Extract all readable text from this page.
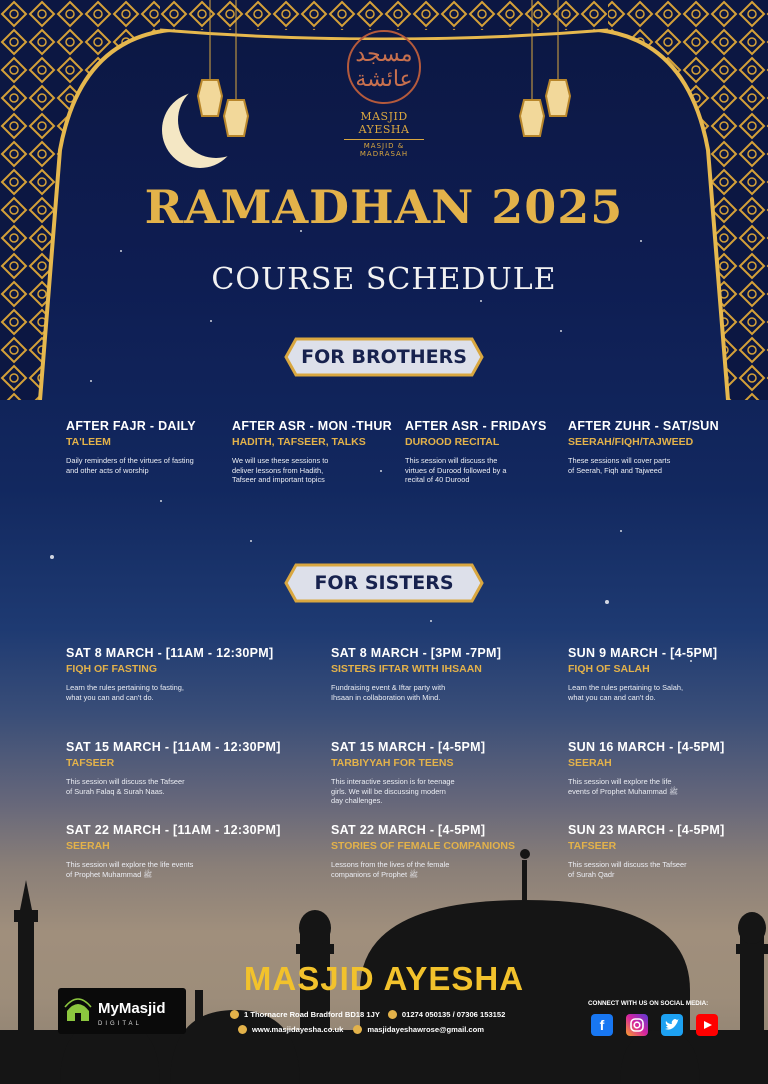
مسجد عائشة
MASJID AYESHA
MASJID & MADRASAH
RAMADHAN 2025
COURSE SCHEDULE
FOR BROTHERS
AFTER FAJR - DAILY
TA'LEEM
Daily reminders of the virtues of fasting and other acts of worship
AFTER ASR - MON -THUR
HADITH, TAFSEER, TALKS
We will use these sessions to deliver lessons from Hadith, Tafseer and important topics
AFTER ASR - FRIDAYS
DUROOD RECITAL
This session will discuss the virtues of Durood followed by a recital of 40 Durood
AFTER ZUHR - SAT/SUN
SEERAH/FIQH/TAJWEED
These sessions will cover parts of Seerah, Fiqh and Tajweed
FOR SISTERS
SAT 8 MARCH - [11AM - 12:30PM]
FIQH OF FASTING
Learn the rules pertaining to fasting, what you can and can't do.
SAT 8 MARCH - [3PM -7PM]
SISTERS IFTAR WITH IHSAAN
Fundraising event & Iftar party with Ihsaan in collaboration with Mind.
SUN 9 MARCH - [4-5PM]
FIQH OF SALAH
Learn the rules pertaining to Salah, what you can and can't do.
SAT 15 MARCH - [11AM - 12:30PM]
TAFSEER
This session will discuss the Tafseer of Surah Falaq & Surah Naas.
SAT 15 MARCH - [4-5PM]
TARBIYYAH FOR TEENS
This interactive session is for teenage girls. We will be discussing modern day challenges.
SUN 16 MARCH - [4-5PM]
SEERAH
This session will explore the life events of Prophet Muhammad ﷺ
SAT 22 MARCH - [11AM - 12:30PM]
SEERAH
This session will explore the life events of Prophet Muhammad ﷺ
SAT 22 MARCH - [4-5PM]
STORIES OF FEMALE COMPANIONS
Lessons from the lives of the female companions of Prophet ﷺ
SUN 23 MARCH - [4-5PM]
TAFSEER
This session will discuss the Tafseer of Surah Qadr
MASJID AYESHA
MyMasjid
DIGITAL
1 Thornacre Road Bradford BD18 1JY	01274 050135 / 07306 153152
www.masjidayesha.co.uk	masjidayeshawrose@gmail.com
CONNECT WITH US ON SOCIAL MEDIA:
f
